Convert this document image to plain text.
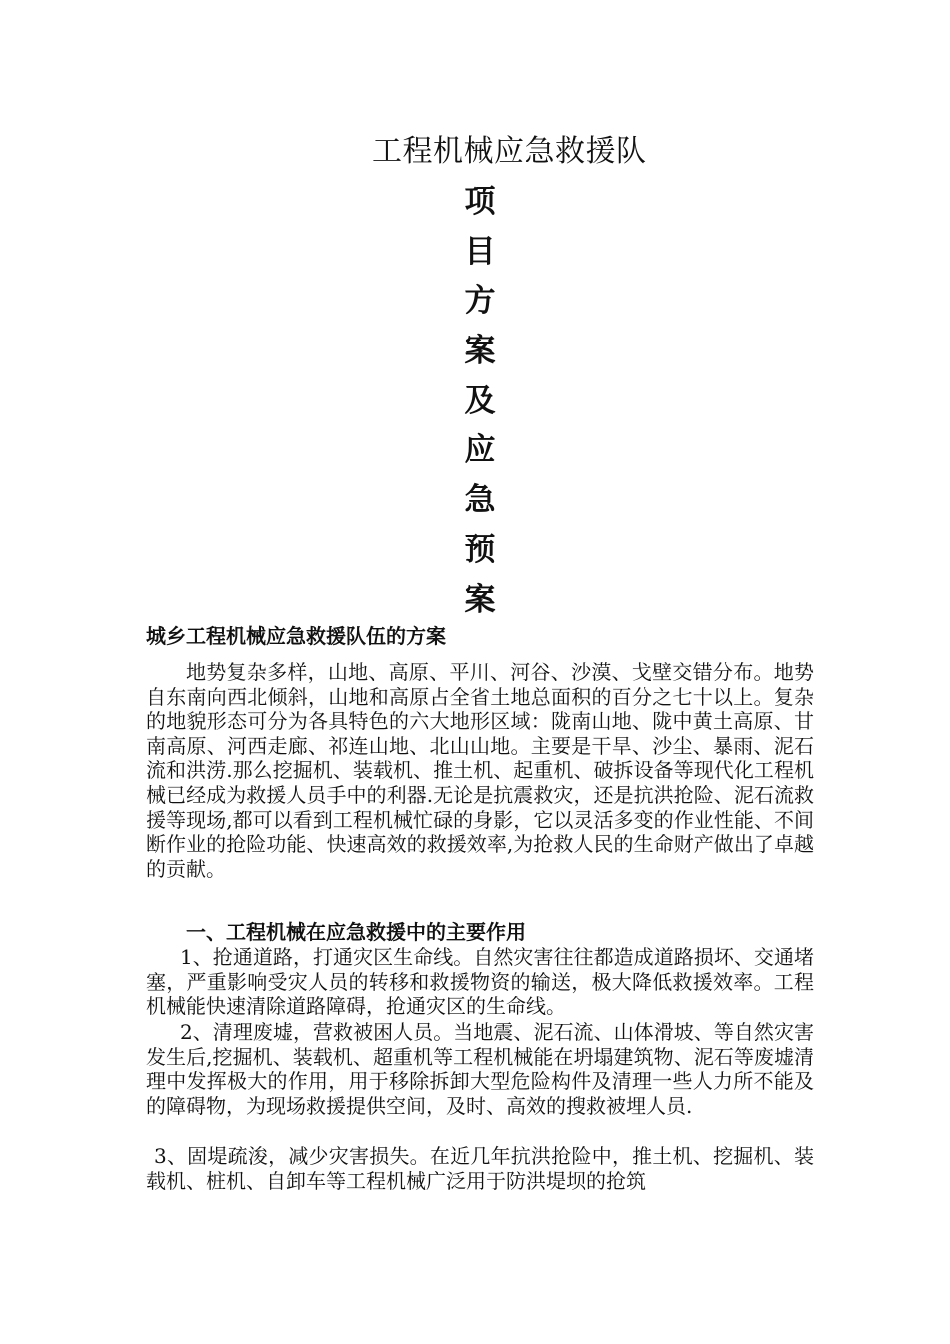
工程机械应急救援队
项
目
方
案
及
应
急
预
案
城乡工程机械应急救援队伍的方案

地势复杂多样，山地、高原、平川、河谷、沙漠、戈壁交错分布。地势自东南向西北倾斜，山地和高原占全省土地总面积的百分之七十以上。复杂的地貌形态可分为各具特色的六大地形区域：陇南山地、陇中黄土高原、甘南高原、河西走廊、祁连山地、北山山地。主要是干旱、沙尘、暴雨、泥石流和洪涝.那么挖掘机、装载机、推土机、起重机、破拆设备等现代化工程机械已经成为救援人员手中的利器.无论是抗震救灾，还是抗洪抢险、泥石流救援等现场,都可以看到工程机械忙碌的身影，它以灵活多变的作业性能、不间断作业的抢险功能、快速高效的救援效率,为抢救人民的生命财产做出了卓越的贡献。

一、工程机械在应急救援中的主要作用

1、抢通道路，打通灾区生命线。自然灾害往往都造成道路损坏、交通堵塞，严重影响受灾人员的转移和救援物资的输送，极大降低救援效率。工程机械能快速清除道路障碍，抢通灾区的生命线。

2、清理废墟，营救被困人员。当地震、泥石流、山体滑坡、等自然灾害发生后,挖掘机、装载机、超重机等工程机械能在坍塌建筑物、泥石等废墟清理中发挥极大的作用，用于移除拆卸大型危险构件及清理一些人力所不能及的障碍物，为现场救援提供空间，及时、高效的搜救被埋人员.

3、固堤疏浚，减少灾害损失。在近几年抗洪抢险中，推土机、挖掘机、装载机、桩机、自卸车等工程机械广泛用于防洪堤坝的抢筑
